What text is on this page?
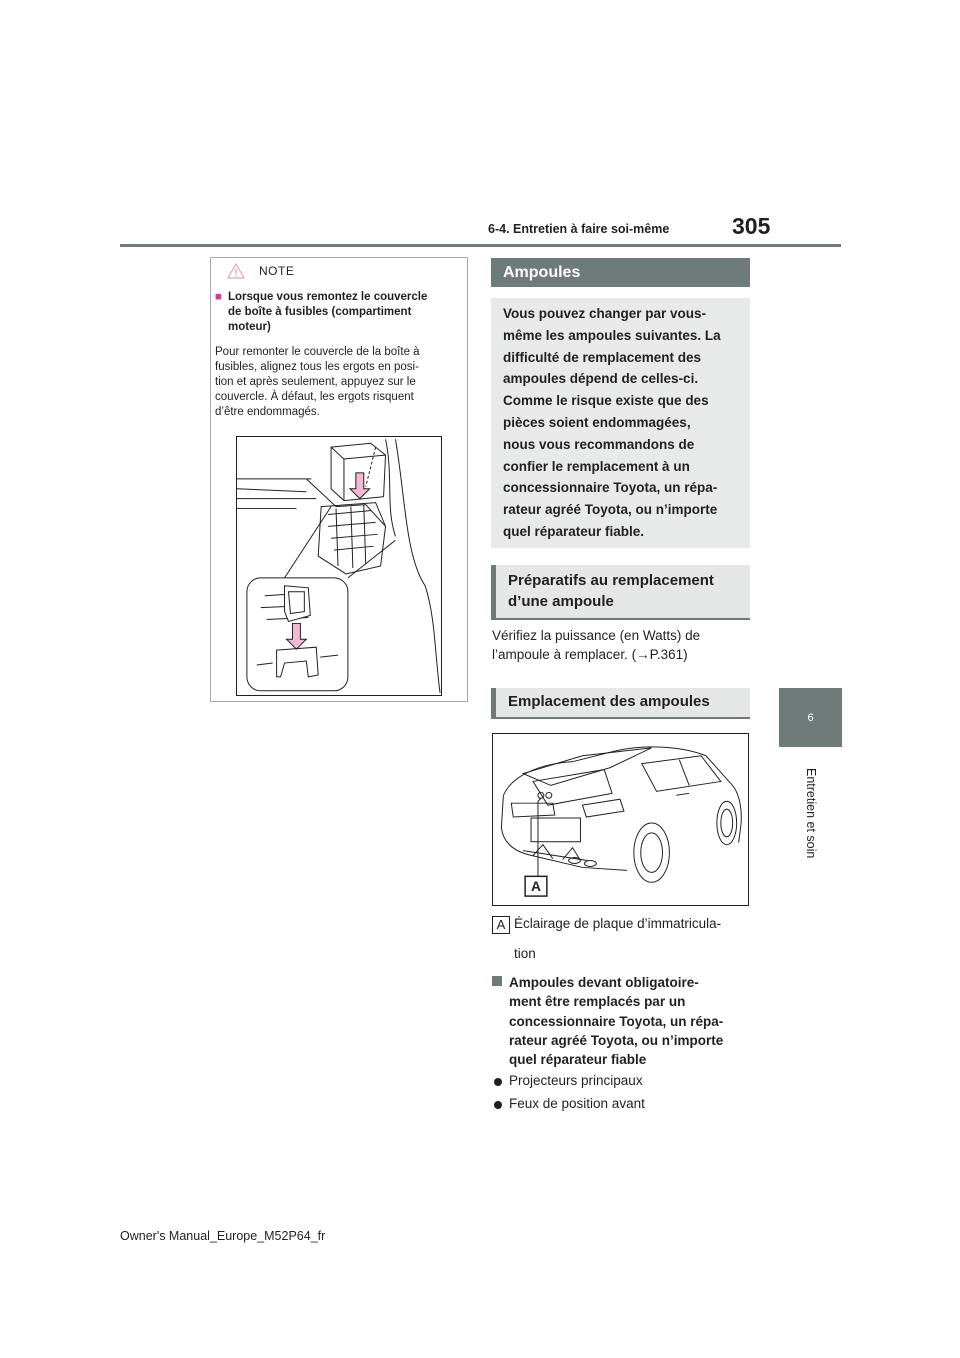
6-4. Entretien à faire soi-même	305
6
Entretien et soin
NOTE
■ Lorsque vous remontez le couvercle
de boîte à fusibles (compartiment
moteur)
Pour remonter le couvercle de la boîte à
fusibles, alignez tous les ergots en posi-
tion et après seulement, appuyez sur le
couvercle. À défaut, les ergots risquent
d’être endommagés.
Ampoules
Vous pouvez changer par vous-
même les ampoules suivantes. La
difficulté de remplacement des
ampoules dépend de celles-ci.
Comme le risque existe que des
pièces soient endommagées,
nous vous recommandons de
confier le remplacement à un
concessionnaire Toyota, un répa-
rateur agréé Toyota, ou n’importe
quel réparateur fiable.
Préparatifs au remplacement
d’une ampoule
Vérifiez la puissance (en Watts) de
l’ampoule à remplacer. (→P.361)
Emplacement des ampoules
A
A Éclairage de plaque d’immatricula-
tion
Ampoules devant obligatoire-
ment être remplacés par un
concessionnaire Toyota, un répa-
rateur agréé Toyota, ou n’importe
quel réparateur fiable
Projecteurs principaux
Feux de position avant
Owner's Manual_Europe_M52P64_fr
